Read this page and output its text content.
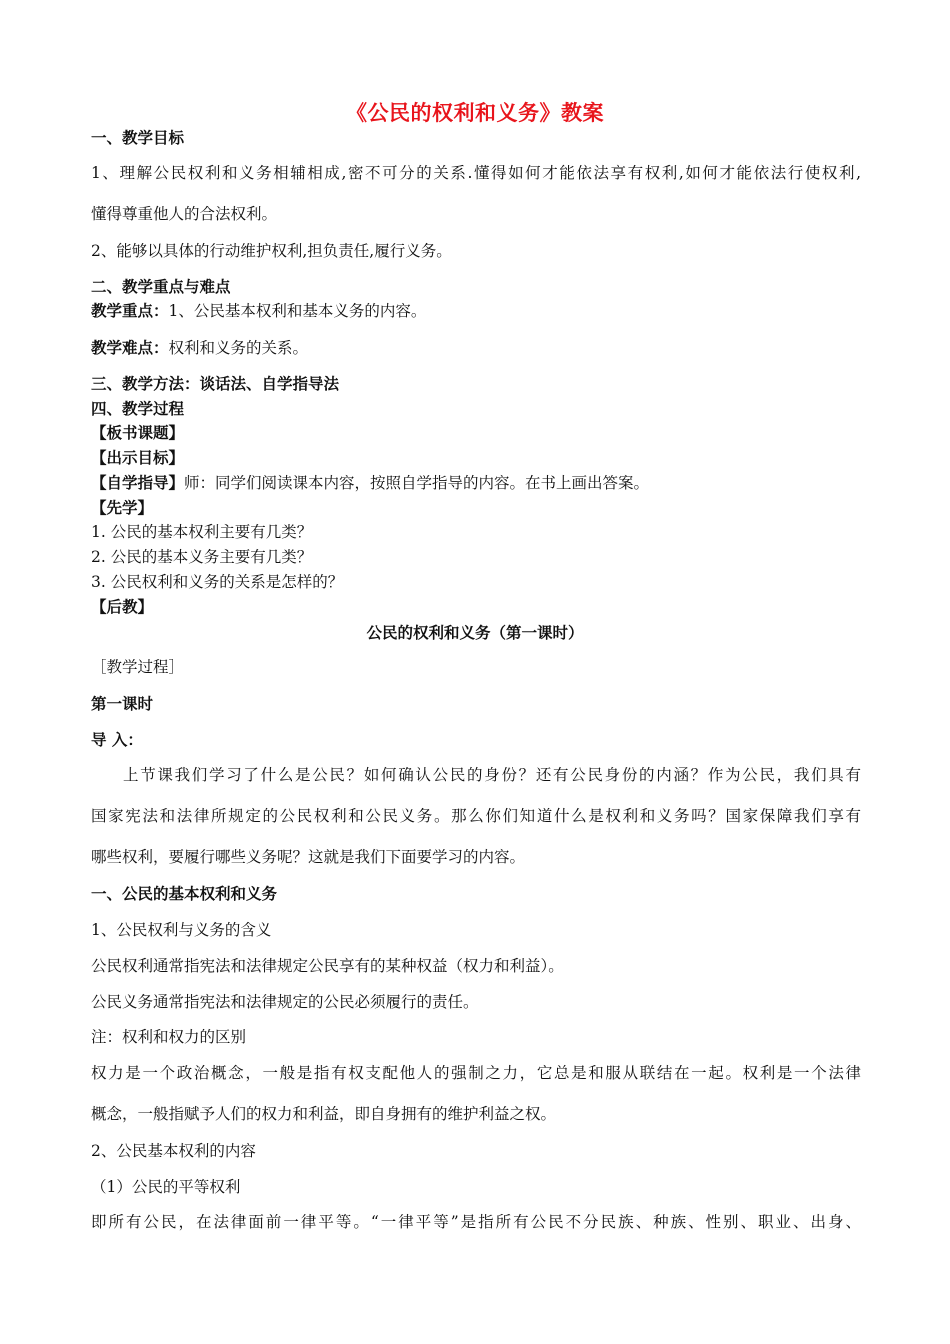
《公民的权利和义务》教案
一、教学目标
1、理解公民权利和义务相辅相成,密不可分的关系.懂得如何才能依法享有权利,如何才能依法行使权利,
懂得尊重他人的合法权利。
2、能够以具体的行动维护权利,担负责任,履行义务。
二、教学重点与难点
教学重点：1、公民基本权利和基本义务的内容。
教学难点：权利和义务的关系。
三、教学方法：谈话法、自学指导法
四、教学过程
【板书课题】
【出示目标】
【自学指导】师：同学们阅读课本内容，按照自学指导的内容。在书上画出答案。
【先学】
1. 公民的基本权利主要有几类？
2. 公民的基本义务主要有几类？
3. 公民权利和义务的关系是怎样的？
【后教】
公民的权利和义务（第一课时）
［教学过程］
第一课时
导 入：
上节课我们学习了什么是公民？如何确认公民的身份？还有公民身份的内涵？作为公民，我们具有
国家宪法和法律所规定的公民权利和公民义务。那么你们知道什么是权利和义务吗？国家保障我们享有
哪些权利，要履行哪些义务呢？这就是我们下面要学习的内容。
一、公民的基本权利和义务
1、公民权利与义务的含义
公民权利通常指宪法和法律规定公民享有的某种权益（权力和利益）。
公民义务通常指宪法和法律规定的公民必须履行的责任。
注：权利和权力的区别
权力是一个政治概念，一般是指有权支配他人的强制之力，它总是和服从联结在一起。权利是一个法律
概念，一般指赋予人们的权力和利益，即自身拥有的维护利益之权。
2、公民基本权利的内容
（1）公民的平等权利
即所有公民，在法律面前一律平等。“一律平等”是指所有公民不分民族、种族、性别、职业、出身、
